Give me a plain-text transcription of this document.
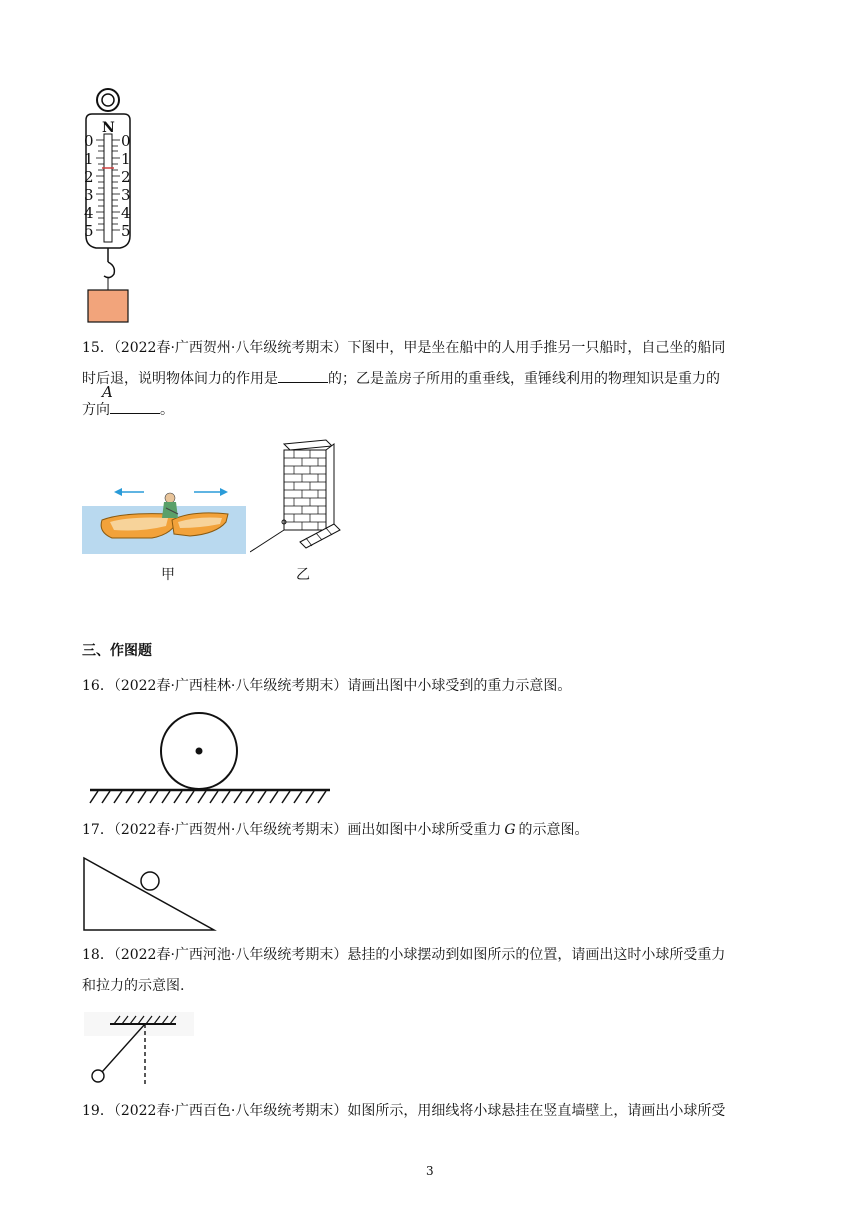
N
0
1
2
3
4
5
0
1
2
3
4
5
A
15．（2022春·广西贺州·八年级统考期末）下图中，甲是坐在船中的人用手推另一只船时，自己坐的船同
时后退，说明物体间力的作用是	的；乙是盖房子所用的重垂线，重锤线利用的物理知识是重力的
方向	。
甲	乙
三、作图题
16．（2022春·广西桂林·八年级统考期末）请画出图中小球受到的重力示意图。
17．（2022春·广西贺州·八年级统考期末）画出如图中小球所受重力 G 的示意图。
18．（2022春·广西河池·八年级统考期末）悬挂的小球摆动到如图所示的位置，请画出这时小球所受重力
和拉力的示意图.
19．（2022春·广西百色·八年级统考期末）如图所示，用细线将小球悬挂在竖直墙壁上，请画出小球所受
3
